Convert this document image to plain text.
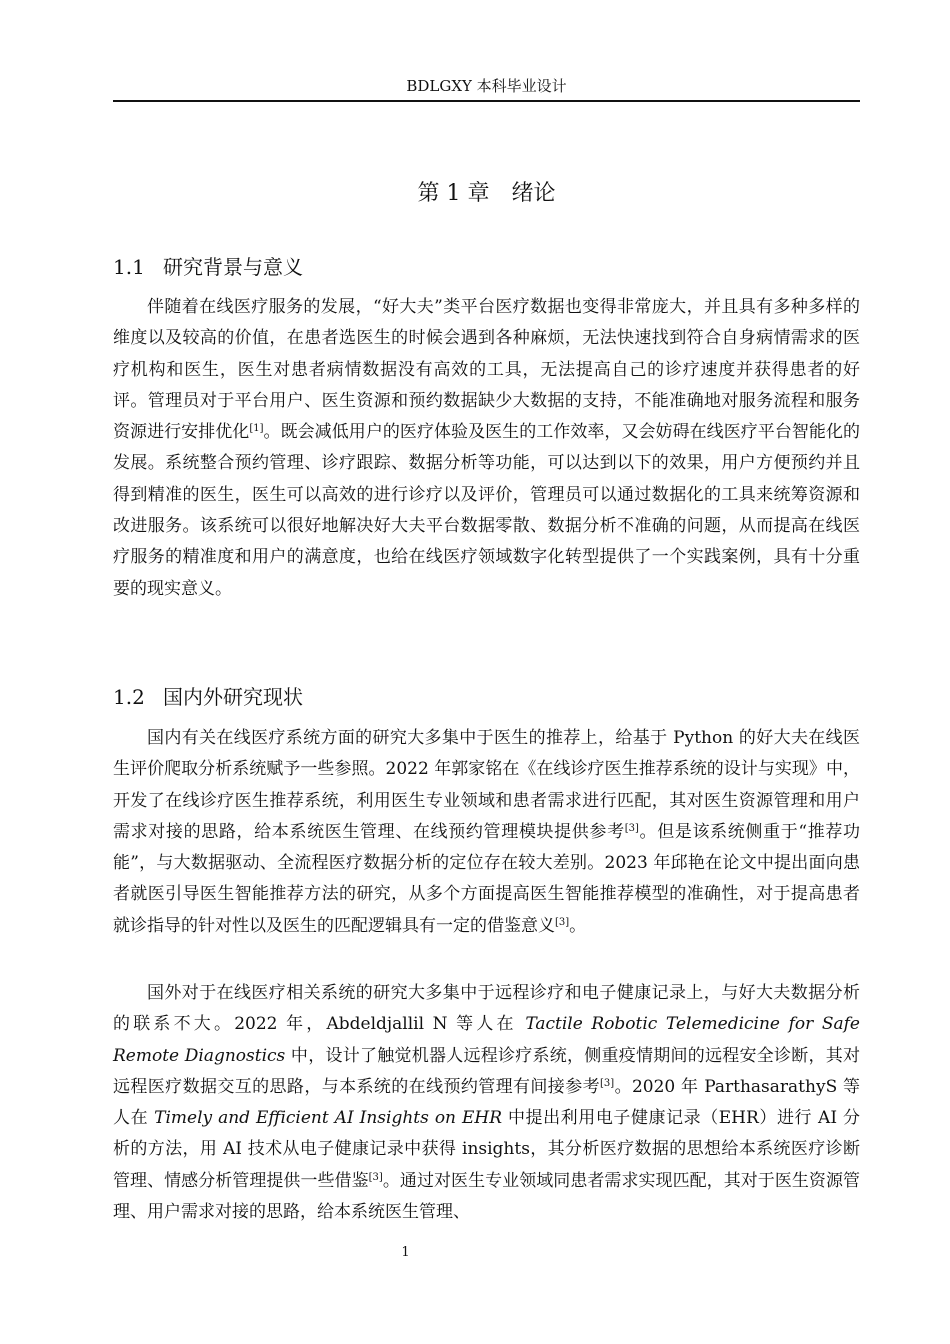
BDLGXY 本科毕业设计
第 1 章 绪论
1.1 研究背景与意义

伴随着在线医疗服务的发展，“好大夫”类平台医疗数据也变得非常庞大，并且具有多种多样的维度以及较高的价值，在患者选医生的时候会遇到各种麻烦，无法快速找到符合自身病情需求的医疗机构和医生，医生对患者病情数据没有高效的工具，无法提高自己的诊疗速度并获得患者的好评。管理员对于平台用户、医生资源和预约数据缺少大数据的支持，不能准确地对服务流程和服务资源进行安排优化[1]。既会减低用户的医疗体验及医生的工作效率，又会妨碍在线医疗平台智能化的发展。系统整合预约管理、诊疗跟踪、数据分析等功能，可以达到以下的效果，用户方便预约并且得到精准的医生，医生可以高效的进行诊疗以及评价，管理员可以通过数据化的工具来统筹资源和改进服务。该系统可以很好地解决好大夫平台数据零散、数据分析不准确的问题，从而提高在线医疗服务的精准度和用户的满意度，也给在线医疗领域数字化转型提供了一个实践案例，具有十分重要的现实意义。

1.2 国内外研究现状

国内有关在线医疗系统方面的研究大多集中于医生的推荐上，给基于 Python 的好大夫在线医生评价爬取分析系统赋予一些参照。2022 年郭家铭在《在线诊疗医生推荐系统的设计与实现》中，开发了在线诊疗医生推荐系统，利用医生专业领域和患者需求进行匹配，其对医生资源管理和用户需求对接的思路，给本系统医生管理、在线预约管理模块提供参考[3]。但是该系统侧重于“推荐功能”，与大数据驱动、全流程医疗数据分析的定位存在较大差别。2023 年邱艳在论文中提出面向患者就医引导医生智能推荐方法的研究，从多个方面提高医生智能推荐模型的准确性，对于提高患者就诊指导的针对性以及医生的匹配逻辑具有一定的借鉴意义[3]。

国外对于在线医疗相关系统的研究大多集中于远程诊疗和电子健康记录上，与好大夫数据分析的联系不大。2022 年，Abdeldjallil N 等人在 Tactile Robotic Telemedicine for Safe Remote Diagnostics 中，设计了触觉机器人远程诊疗系统，侧重疫情期间的远程安全诊断，其对远程医疗数据交互的思路，与本系统的在线预约管理有间接参考[3]。2020 年 ParthasarathyS 等人在 Timely and Efficient AI Insights on EHR 中提出利用电子健康记录（EHR）进行 AI 分析的方法，用 AI 技术从电子健康记录中获得 insights，其分析医疗数据的思想给本系统医疗诊断管理、情感分析管理提供一些借鉴[3]。通过对医生专业领域同患者需求实现匹配，其对于医生资源管理、用户需求对接的思路，给本系统医生管理、

1
